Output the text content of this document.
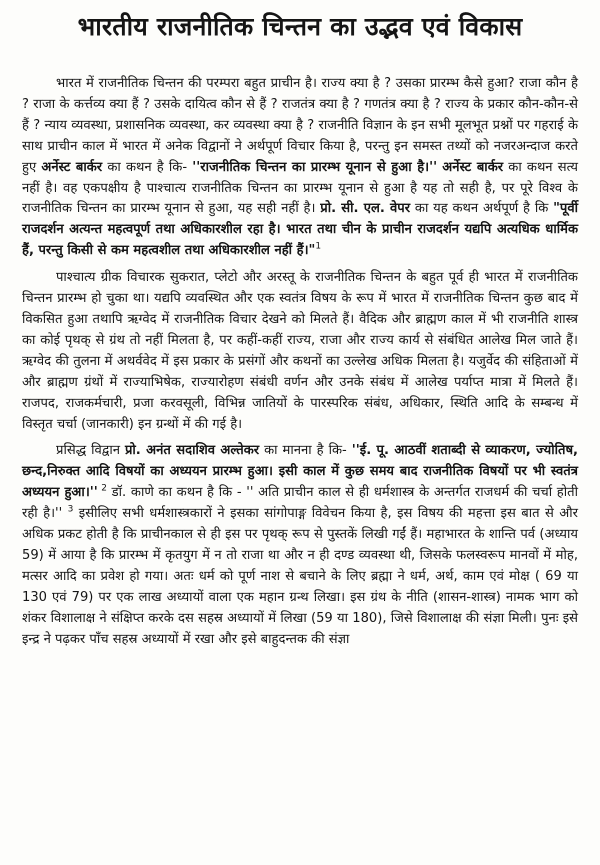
भारतीय राजनीतिक चिन्तन का उद्भव एवं विकास

भारत में राजनीतिक चिन्तन की परम्परा बहुत प्राचीन है। राज्य क्या है ? उसका प्रारम्भ कैसे हुआ? राजा कौन है ? राजा के कर्त्तव्य क्या हैं ? उसके दायित्व कौन से हैं ? राजतंत्र क्या है ? गणतंत्र क्या है ? राज्य के प्रकार कौन-कौन-से हैं ? न्याय व्यवस्था, प्रशासनिक व्यवस्था, कर व्यवस्था क्या है ? राजनीति विज्ञान के इन सभी मूलभूत प्रश्नों पर गहराई के साथ प्राचीन काल में भारत में अनेक विद्वानों ने अर्थपूर्ण विचार किया है, परन्तु इन समस्त तथ्यों को नजरअन्दाज करते हुए अर्नेस्ट बार्कर का कथन है कि- ''राजनीतिक चिन्तन का प्रारम्भ यूनान से हुआ है।'' अर्नेस्ट बार्कर का कथन सत्य नहीं है। वह एकपक्षीय है पाश्चात्य राजनीतिक चिन्तन का प्रारम्भ यूनान से हुआ है यह तो सही है, पर पूरे विश्व के राजनीतिक चिन्तन का प्रारम्भ यूनान से हुआ, यह सही नहीं है। प्रो. सी. एल. वेपर का यह कथन अर्थपूर्ण है कि "पूर्वी राजदर्शन अत्यन्त महत्वपूर्ण तथा अधिकारशील रहा है। भारत तथा चीन के प्राचीन राजदर्शन यद्यपि अत्यधिक धार्मिक हैं, परन्तु किसी से कम महत्वशील तथा अधिकारशील नहीं हैं।"$^1$

पाश्चात्य ग्रीक विचारक सुकरात, प्लेटो और अरस्तू के राजनीतिक चिन्तन के बहुत पूर्व ही भारत में राजनीतिक चिन्तन प्रारम्भ हो चुका था। यद्यपि व्यवस्थित और एक स्वतंत्र विषय के रूप में भारत में राजनीतिक चिन्तन कुछ बाद में विकसित हुआ तथापि ऋग्वेद में राजनीतिक विचार देखने को मिलते हैं। वैदिक और ब्राह्मण काल में भी राजनीति शास्त्र का कोई पृथक् से ग्रंथ तो नहीं मिलता है, पर कहीं-कहीं राज्य, राजा और राज्य कार्य से संबंधित आलेख मिल जाते हैं। ऋग्वेद की तुलना में अथर्ववेद में इस प्रकार के प्रसंगों और कथनों का उल्लेख अधिक मिलता है। यजुर्वेद की संहिताओं में और ब्राह्मण ग्रंथों में राज्याभिषेक, राज्यारोहण संबंधी वर्णन और उनके संबंध में आलेख पर्याप्त मात्रा में मिलते हैं। राजपद, राजकर्मचारी, प्रजा करवसूली, विभिन्न जातियों के पारस्परिक संबंध, अधिकार, स्थिति आदि के सम्बन्ध में विस्तृत चर्चा (जानकारी) इन ग्रन्थों में की गई है।

प्रसिद्ध विद्वान प्रो. अनंत सदाशिव अल्तेकर का मानना है कि- ''ई. पू. आठवीं शताब्दी से व्याकरण, ज्योतिष, छन्द,निरुक्त आदि विषयों का अध्ययन प्रारम्भ हुआ। इसी काल में कुछ समय बाद राजनीतिक विषयों पर भी स्वतंत्र अध्ययन हुआ।'' $^2$ डॉ. काणे का कथन है कि - '' अति प्राचीन काल से ही धर्मशास्त्र के अन्तर्गत राजधर्म की चर्चा होती रही है।'' $^3$ इसीलिए सभी धर्मशास्त्रकारों ने इसका सांगोपाङ्ग विवेचन किया है, इस विषय की महत्ता इस बात से और अधिक प्रकट होती है कि प्राचीनकाल से ही इस पर पृथक् रूप से पुस्तकें लिखी गईं हैं। महाभारत के शान्ति पर्व (अध्याय 59) में आया है कि प्रारम्भ में कृतयुग में न तो राजा था और न ही दण्ड व्यवस्था थी, जिसके फलस्वरूप मानवों में मोह, मत्सर आदि का प्रवेश हो गया। अतः धर्म को पूर्ण नाश से बचाने के लिए ब्रह्मा ने धर्म, अर्थ, काम एवं मोक्ष ( 69 या 130 एवं 79) पर एक लाख अध्यायों वाला एक महान ग्रन्थ लिखा। इस ग्रंथ के नीति (शासन-शास्त्र) नामक भाग को शंकर विशालाक्ष ने संक्षिप्त करके दस सहस्र अध्यायों में लिखा (59 या 180), जिसे विशालाक्ष की संज्ञा मिली। पुनः इसे इन्द्र ने पढ़कर पाँच सहस्र अध्यायों में रखा और इसे बाहुदन्तक की संज्ञा
